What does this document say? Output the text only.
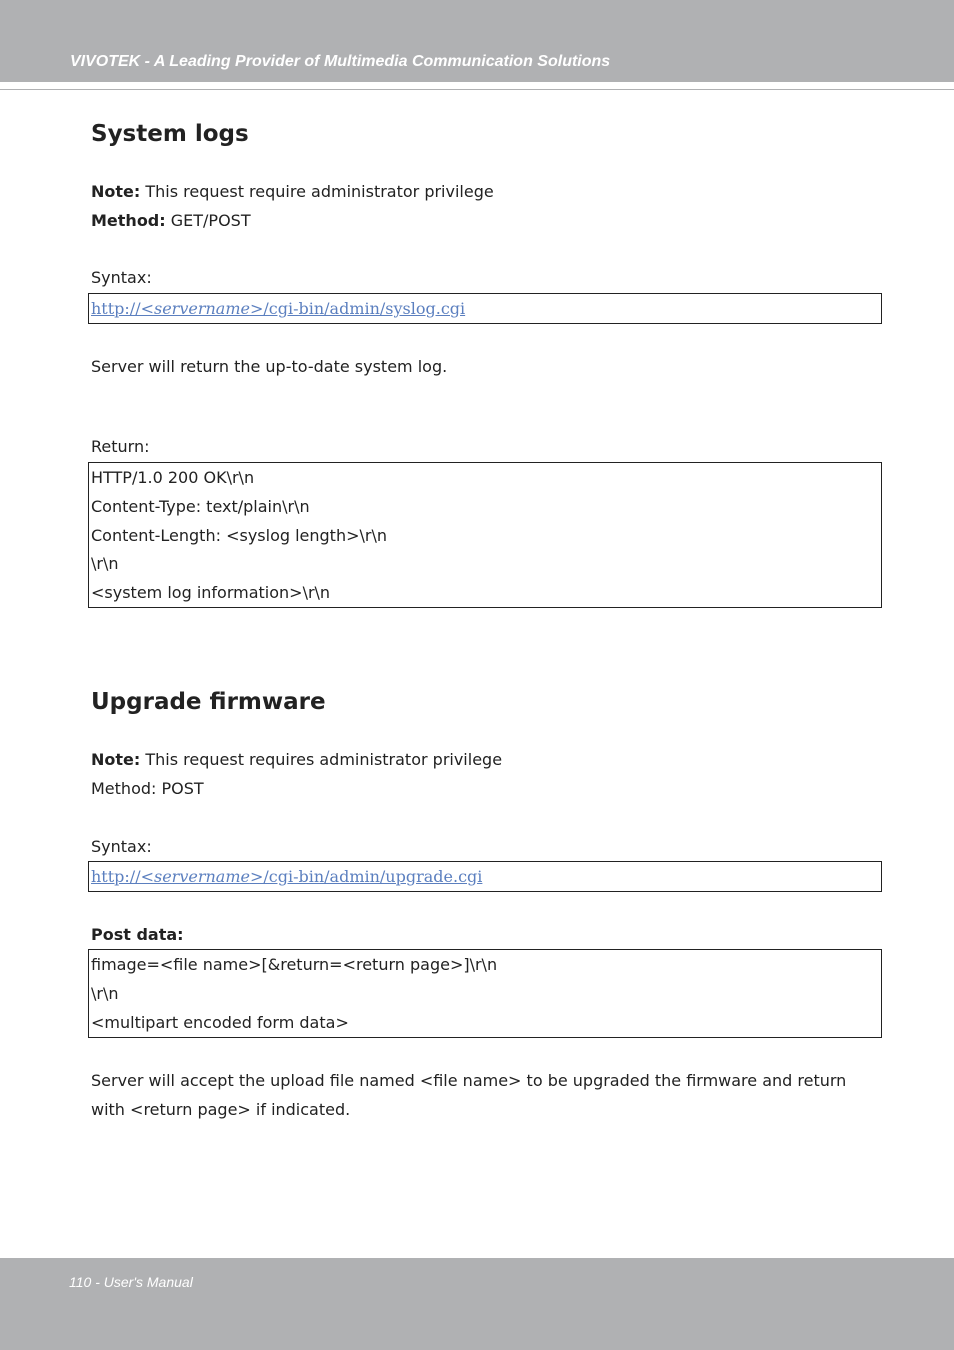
VIVOTEK - A Leading Provider of Multimedia Communication Solutions
System logs
Note: This request require administrator privilege
Method: GET/POST
Syntax:
http://<servername>/cgi-bin/admin/syslog.cgi
Server will return the up-to-date system log.
Return:
HTTP/1.0 200 OK\r\n
Content-Type: text/plain\r\n
Content-Length: <syslog length>\r\n
\r\n
<system log information>\r\n
Upgrade firmware
Note: This request requires administrator privilege
Method: POST
Syntax:
http://<servername>/cgi-bin/admin/upgrade.cgi
Post data:
fimage=<file name>[&return=<return page>]\r\n
\r\n
<multipart encoded form data>
Server will accept the upload file named <file name> to be upgraded the firmware and return
with <return page> if indicated.
110 - User's Manual
